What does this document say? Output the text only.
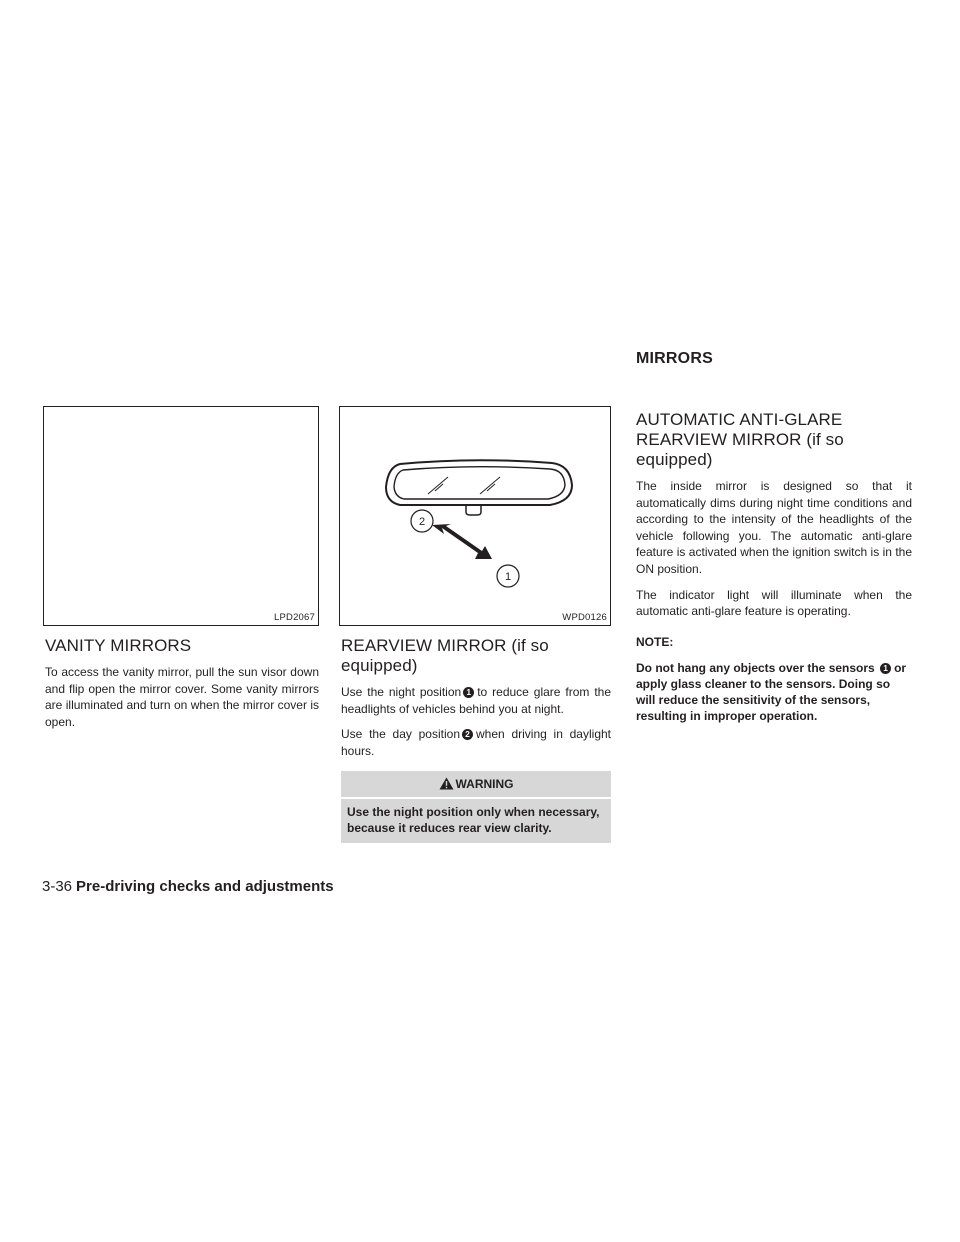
MIRRORS
LPD2067
2
1
WPD0126
VANITY MIRRORS

To access the vanity mirror, pull the sun visor down and flip open the mirror cover. Some vanity mirrors are illuminated and turn on when the mirror cover is open.

REARVIEW MIRROR (if so equipped)

Use the night position 1 to reduce glare from the headlights of vehicles behind you at night.

Use the day position 2 when driving in daylight hours.

WARNING
Use the night position only when necessary, because it reduces rear view clarity.
AUTOMATIC ANTI-GLARE
REARVIEW MIRROR (if so equipped)

The inside mirror is designed so that it automatically dims during night time conditions and according to the intensity of the headlights of the vehicle following you. The automatic anti-glare feature is activated when the ignition switch is in the ON position.

The indicator light will illuminate when the automatic anti-glare feature is operating.

NOTE:
Do not hang any objects over the sensors 1 or apply glass cleaner to the sensors. Doing so will reduce the sensitivity of the sensors, resulting in improper operation.
3-36 Pre-driving checks and adjustments
